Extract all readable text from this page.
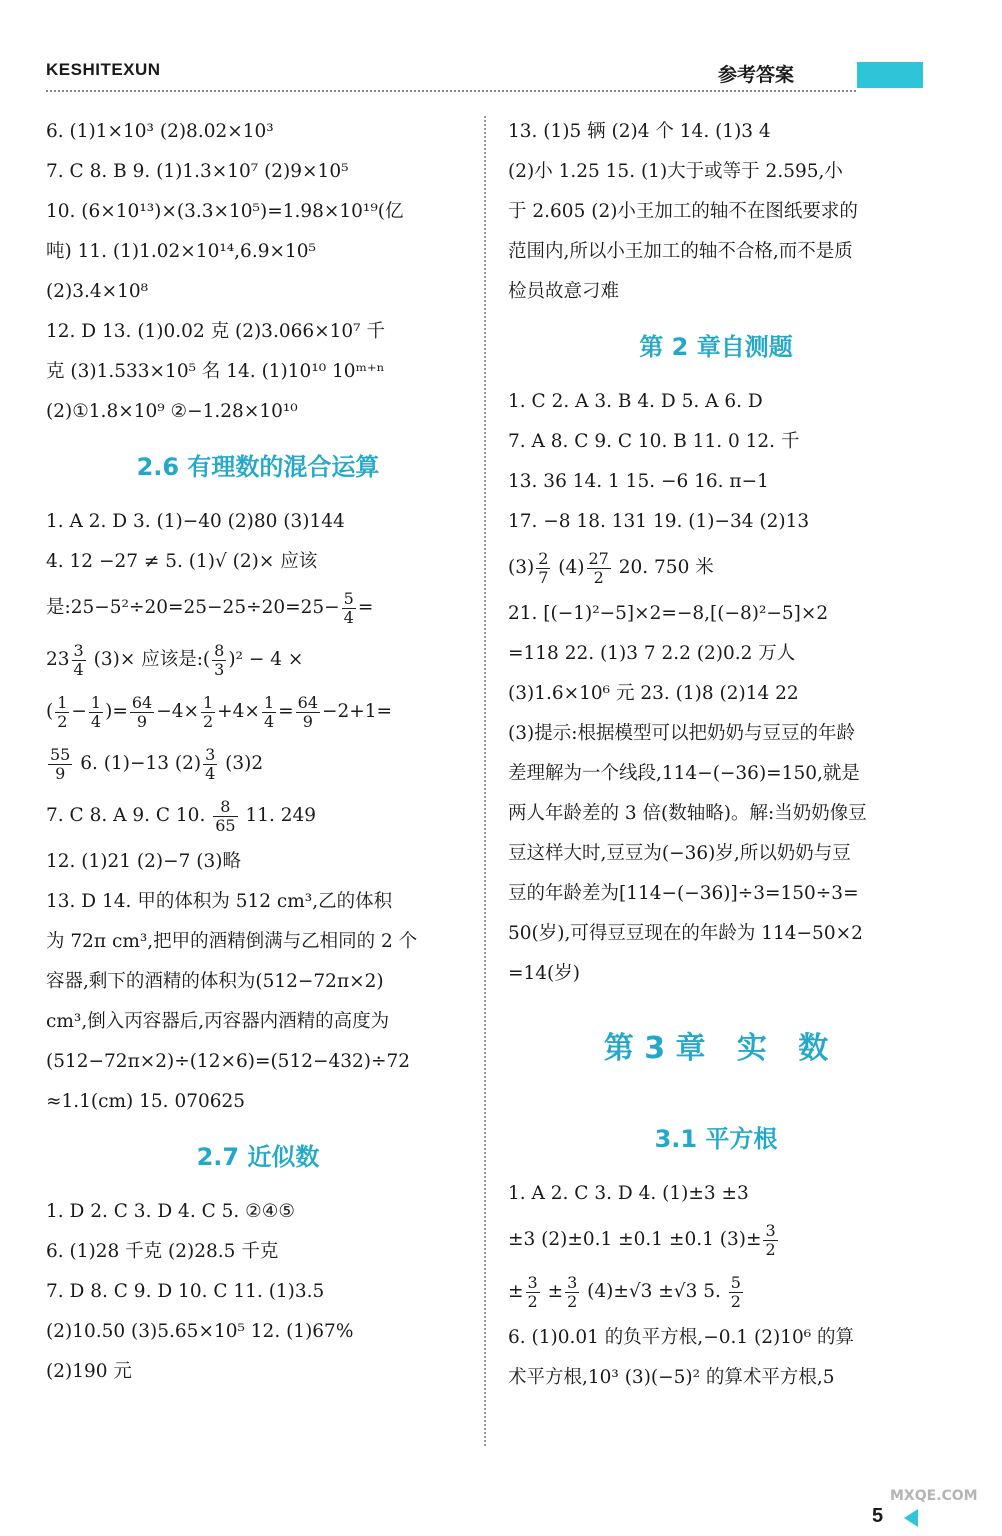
KESHITEXUN	参考答案
6. (1)1×10³ (2)8.02×10³
7. C 8. B 9. (1)1.3×10⁷ (2)9×10⁵
10. (6×10¹³)×(3.3×10⁵)=1.98×10¹⁹(亿
吨) 11. (1)1.02×10¹⁴,6.9×10⁵
(2)3.4×10⁸
12. D 13. (1)0.02 克 (2)3.066×10⁷ 千
克 (3)1.533×10⁵ 名 14. (1)10¹⁰ 10ᵐ⁺ⁿ
(2)①1.8×10⁹ ②−1.28×10¹⁰
2.6 有理数的混合运算
1. A 2. D 3. (1)−40 (2)80 (3)144
4. 12 −27 ≠ 5. (1)√ (2)× 应该
是:25−5²÷20=25−25÷20=25− $\frac{5}{4}$ =
$23 \frac{3}{4} (3)\times$ 应该是:( $\frac{8}{3} )^2 - 4$ ×
( $\frac{1}{2} - \frac{1}{4}$ )= $\frac{64}{9} -4\times \frac{1}{2} +4\times \frac{1}{4} = \frac{64}{9} -2+1=$
$\frac{55}{9} 6$. (1)−13 $(2) \frac{3}{4} (3)2$
7. C 8. A 9. C 10. $\frac{8}{65} 11$. 249
12. (1)21 (2)−7 (3)略
13. D 14. 甲的体积为 512 cm³,乙的体积
为 72π cm³,把甲的酒精倒满与乙相同的 2 个
容器,剩下的酒精的体积为(512−72π×2)
cm³,倒入丙容器后,丙容器内酒精的高度为
(512−72π×2)÷(12×6)=(512−432)÷72
≈1.1(cm) 15. 070625
2.7 近似数
1. D 2. C 3. D 4. C 5. ②④⑤
6. (1)28 千克 (2)28.5 千克
7. D 8. C 9. D 10. C 11. (1)3.5
(2)10.50 (3)5.65×10⁵ 12. (1)67%
(2)190 元
13. (1)5 辆 (2)4 个 14. (1)3 4
(2)小 1.25 15. (1)大于或等于 2.595,小
于 2.605 (2)小王加工的轴不在图纸要求的
范围内,所以小王加工的轴不合格,而不是质
检员故意刁难
第 2 章自测题
1. C 2. A 3. B 4. D 5. A 6. D
7. A 8. C 9. C 10. B 11. 0 12. 千
13. 36 14. 1 15. −6 16. π−1
17. −8 18. 131 19. (1)−34 (2)13
$(3) \frac{2}{7} (4) \frac{27}{2} 20$. 750 米
21. [(−1)²−5]×2=−8,[(−8)²−5]×2
=118 22. (1)3 7 2.2 (2)0.2 万人
(3)1.6×10⁶ 元 23. (1)8 (2)14 22
(3)提示:根据模型可以把奶奶与豆豆的年龄
差理解为一个线段,114−(−36)=150,就是
两人年龄差的 3 倍(数轴略)。解:当奶奶像豆
豆这样大时,豆豆为(−36)岁,所以奶奶与豆
豆的年龄差为[114−(−36)]÷3=150÷3=
50(岁),可得豆豆现在的年龄为 114−50×2
=14(岁)
第 3 章   实   数
3.1 平方根
1. A 2. C 3. D 4. (1)±3 ±3
±3 (2)±0.1 ±0.1 ±0.1 $(3)\pm \frac{3}{2}$
± $\frac{3}{2} \pm \frac{3}{2} (4)\pm√3 \pm√3$ 5. $\frac{5}{2}$
6. (1)0.01 的负平方根,−0.1 (2)10⁶ 的算
术平方根,10³ (3)(−5)² 的算术平方根,5
5
MXQE.COM
